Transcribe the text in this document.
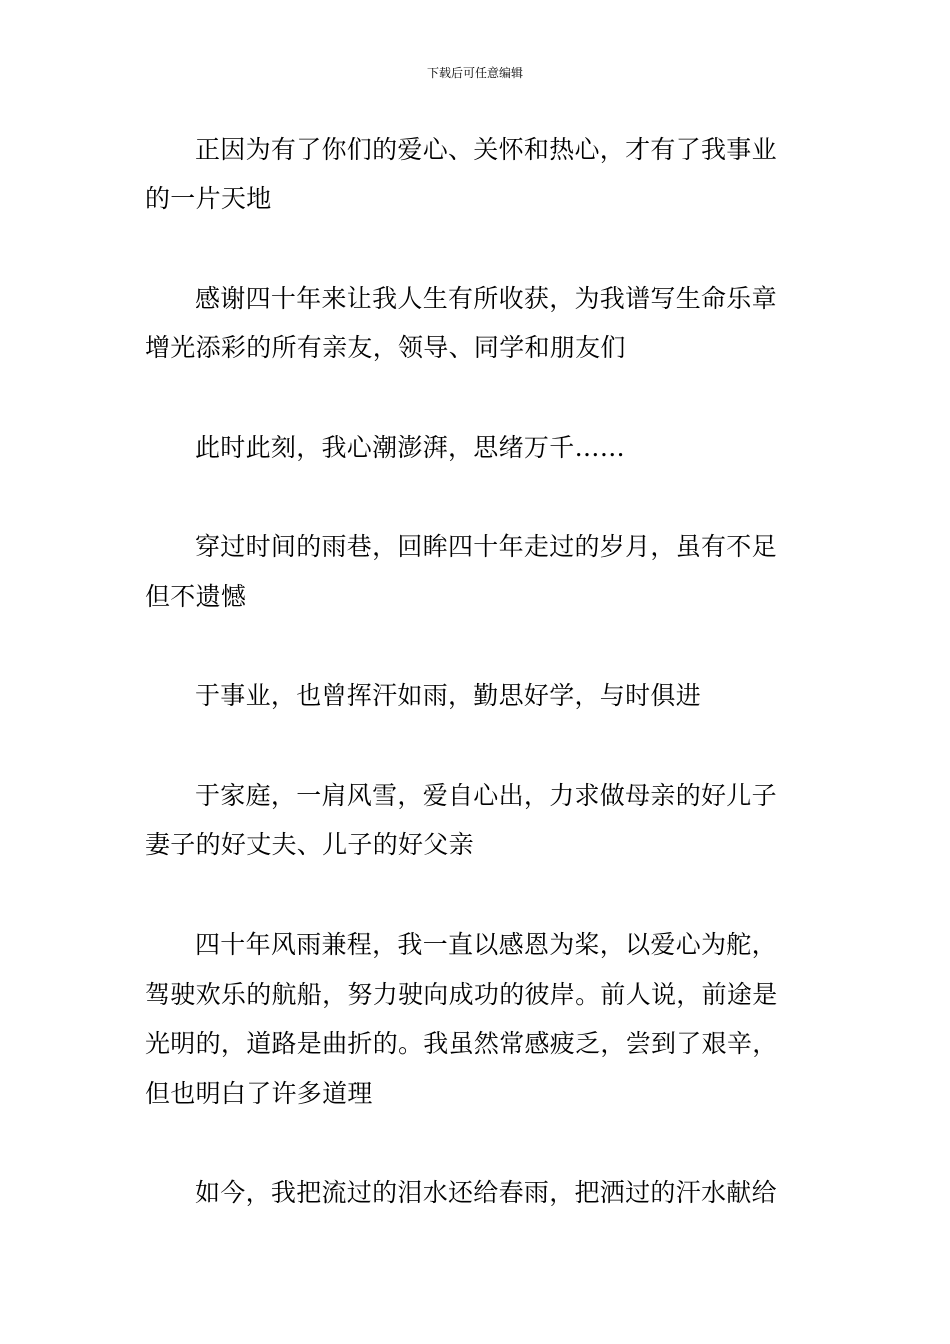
下载后可任意编辑
正因为有了你们的爱心、关怀和热心，才有了我事业
的一片天地
感谢四十年来让我人生有所收获，为我谱写生命乐章
增光添彩的所有亲友，领导、同学和朋友们
此时此刻，我心潮澎湃，思绪万千……
穿过时间的雨巷，回眸四十年走过的岁月，虽有不足
但不遗憾
于事业，也曾挥汗如雨，勤思好学，与时俱进
于家庭，一肩风雪，爱自心出，力求做母亲的好儿子
妻子的好丈夫、儿子的好父亲
四十年风雨兼程，我一直以感恩为桨，以爱心为舵，
驾驶欢乐的航船，努力驶向成功的彼岸。前人说，前途是
光明的，道路是曲折的。我虽然常感疲乏，尝到了艰辛，
但也明白了许多道理
如今，我把流过的泪水还给春雨，把洒过的汗水献给
